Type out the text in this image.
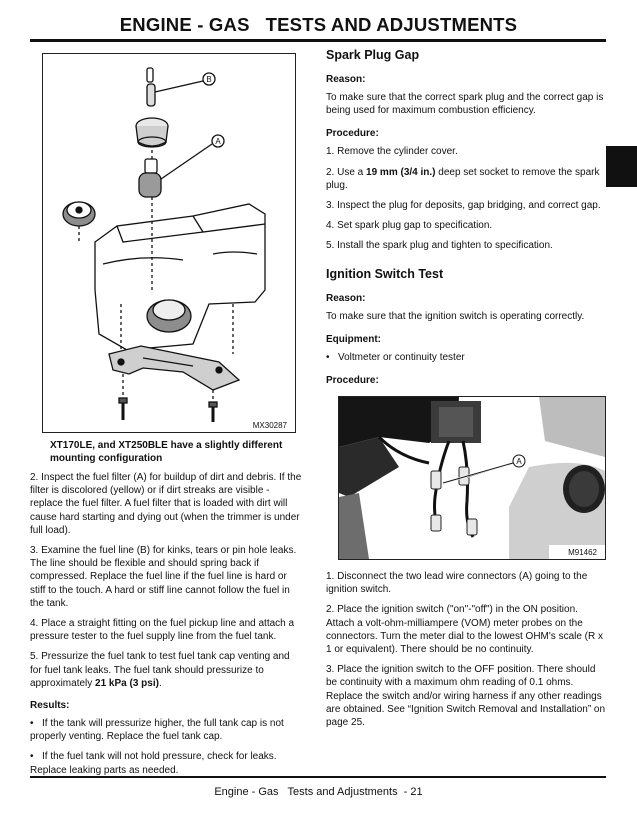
ENGINE - GAS   TESTS AND ADJUSTMENTS
B
A
MX30287
XT170LE, and XT250BLE have a slightly different mounting configuration

2. Inspect the fuel filter (A) for buildup of dirt and debris. If the filter is discolored (yellow) or if dirt streaks are visible - replace the fuel filter. A fuel filter that is loaded with dirt will cause hard starting and dying out (when the trimmer is under full load).

3. Examine the fuel line (B) for kinks, tears or pin hole leaks. The line should be flexible and should spring back if compressed. Replace the fuel line if the fuel line is hard or stiff to the touch. A hard or stiff line cannot follow the fuel in the tank.

4. Place a straight fitting on the fuel pickup line and attach a pressure tester to the fuel supply line from the fuel tank.

5. Pressurize the fuel tank to test fuel tank cap venting and for fuel tank leaks. The fuel tank should pressurize to approximately 21 kPa (3 psi).

Results:
• If the tank will pressurize higher, the full tank cap is not properly venting. Replace the fuel tank cap.
• If the fuel tank will not hold pressure, check for leaks. Replace leaking parts as needed.
Spark Plug Gap
Reason:

To make sure that the correct spark plug and the correct gap is being used for maximum combustion efficiency.

Procedure:

1. Remove the cylinder cover.

2. Use a 19 mm (3/4 in.) deep set socket to remove the spark plug.

3. Inspect the plug for deposits, gap bridging, and correct gap.

4. Set spark plug gap to specification.

5. Install the spark plug and tighten to specification.

Ignition Switch Test
Reason:

To make sure that the ignition switch is operating correctly.

Equipment:
• Voltmeter or continuity tester
Procedure:
A
M91462

1. Disconnect the two lead wire connectors (A) going to the ignition switch.

2. Place the ignition switch ("on"-"off") in the ON position. Attach a volt-ohm-milliampere (VOM) meter probes on the connectors. Turn the meter dial to the lowest OHM's scale (R x 1 or equivalent). There should be no continuity.

3. Place the ignition switch to the OFF position. There should be continuity with a maximum ohm reading of 0.1 ohms. Replace the switch and/or wiring harness if any other readings are obtained. See “Ignition Switch Removal and Installation” on page 25.

Engine - Gas   Tests and Adjustments  - 21
